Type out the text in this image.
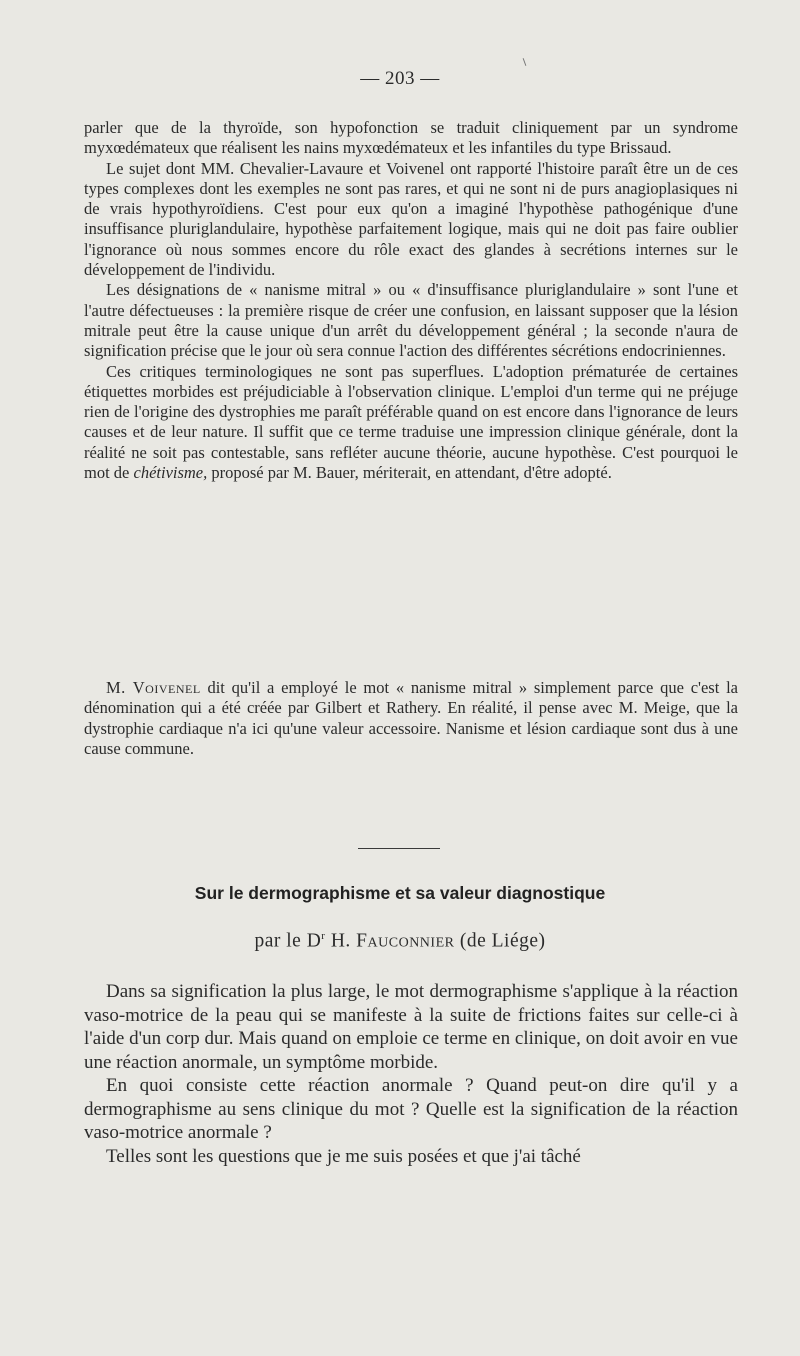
— 203 —

parler que de la thyroïde, son hypofonction se traduit cliniquement par un syndrome myxœdémateux que réalisent les nains myxœdémateux et les infantiles du type Brissaud.

Le sujet dont MM. Chevalier-Lavaure et Voivenel ont rapporté l'histoire paraît être un de ces types complexes dont les exemples ne sont pas rares, et qui ne sont ni de purs anagioplasiques ni de vrais hypothyroïdiens. C'est pour eux qu'on a imaginé l'hypothèse pathogénique d'une insuffisance pluriglandulaire, hypothèse parfaitement logique, mais qui ne doit pas faire oublier l'ignorance où nous sommes encore du rôle exact des glandes à secrétions internes sur le développement de l'individu.

Les désignations de « nanisme mitral » ou « d'insuffisance pluriglandulaire » sont l'une et l'autre défectueuses : la première risque de créer une confusion, en laissant supposer que la lésion mitrale peut être la cause unique d'un arrêt du développement général ; la seconde n'aura de signification précise que le jour où sera connue l'action des différentes sécrétions endocriniennes.

Ces critiques terminologiques ne sont pas superflues. L'adoption prématurée de certaines étiquettes morbides est préjudiciable à l'observation clinique. L'emploi d'un terme qui ne préjuge rien de l'origine des dystrophies me paraît préférable quand on est encore dans l'ignorance de leurs causes et de leur nature. Il suffit que ce terme traduise une impression clinique générale, dont la réalité ne soit pas contestable, sans refléter aucune théorie, aucune hypothèse. C'est pourquoi le mot de chétivisme, proposé par M. Bauer, mériterait, en attendant, d'être adopté.

M. Voivenel dit qu'il a employé le mot « nanisme mitral » simplement parce que c'est la dénomination qui a été créée par Gilbert et Rathery. En réalité, il pense avec M. Meige, que la dystrophie cardiaque n'a ici qu'une valeur accessoire. Nanisme et lésion cardiaque sont dus à une cause commune.

Sur le dermographisme et sa valeur diagnostique
par le $D^r$ H. Fauconnier (de Liége)

Dans sa signification la plus large, le mot dermographisme s'applique à la réaction vaso-motrice de la peau qui se manifeste à la suite de frictions faites sur celle-ci à l'aide d'un corp dur. Mais quand on emploie ce terme en clinique, on doit avoir en vue une réaction anormale, un symptôme morbide.

En quoi consiste cette réaction anormale ? Quand peut-on dire qu'il y a dermographisme au sens clinique du mot ? Quelle est la signification de la réaction vaso-motrice anormale ?

Telles sont les questions que je me suis posées et que j'ai tâché
